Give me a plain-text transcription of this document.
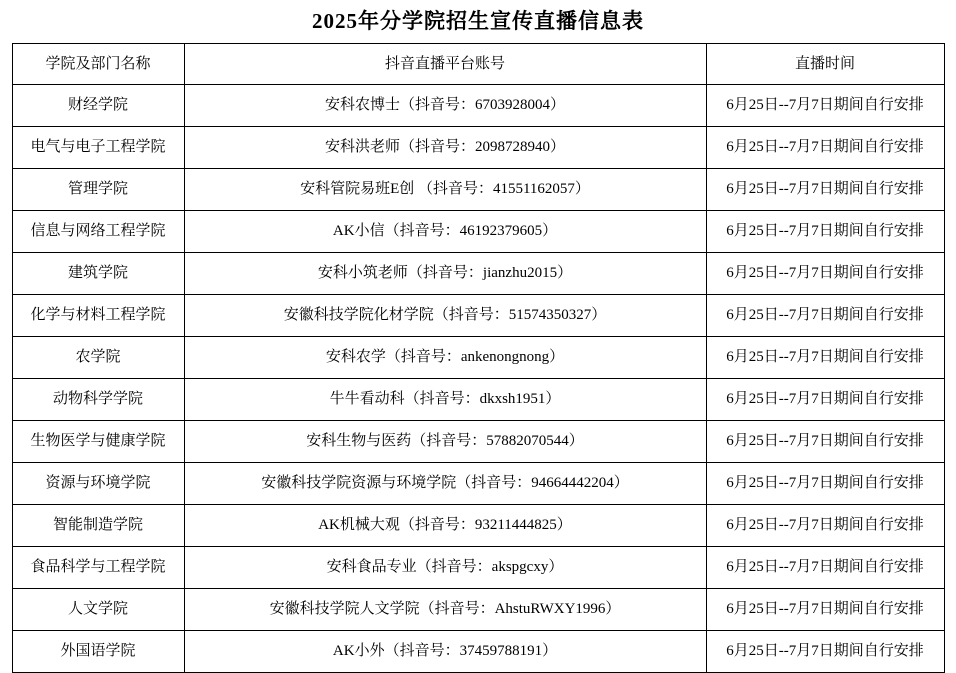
2025年分学院招生宣传直播信息表
学院及部门名称	抖音直播平台账号	直播时间
财经学院	安科农博士（抖音号：6703928004）	6月25日--7月7日期间自行安排
电气与电子工程学院	安科洪老师（抖音号：2098728940）	6月25日--7月7日期间自行安排
管理学院	安科管院易班E创 （抖音号：41551162057）	6月25日--7月7日期间自行安排
信息与网络工程学院	AK小信（抖音号：46192379605）	6月25日--7月7日期间自行安排
建筑学院	安科小筑老师（抖音号：jianzhu2015）	6月25日--7月7日期间自行安排
化学与材料工程学院	安徽科技学院化材学院（抖音号：51574350327）	6月25日--7月7日期间自行安排
农学院	安科农学（抖音号：ankenongnong）	6月25日--7月7日期间自行安排
动物科学学院	牛牛看动科（抖音号：dkxsh1951）	6月25日--7月7日期间自行安排
生物医学与健康学院	安科生物与医药（抖音号：57882070544）	6月25日--7月7日期间自行安排
资源与环境学院	安徽科技学院资源与环境学院（抖音号：94664442204）	6月25日--7月7日期间自行安排
智能制造学院	AK机械大观（抖音号：93211444825）	6月25日--7月7日期间自行安排
食品科学与工程学院	安科食品专业（抖音号：akspgcxy）	6月25日--7月7日期间自行安排
人文学院	安徽科技学院人文学院（抖音号：AhstuRWXY1996）	6月25日--7月7日期间自行安排
外国语学院	AK小外（抖音号：37459788191）	6月25日--7月7日期间自行安排
